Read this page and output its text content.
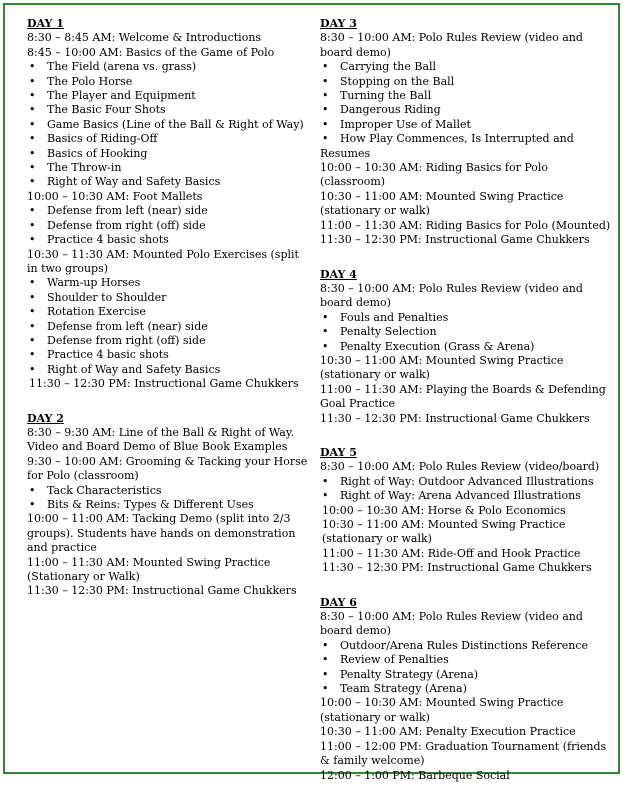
DAY 1
8:30 – 8:45 AM: Welcome & Introductions
8:45 – 10:00 AM: Basics of the Game of Polo
•	The Field (arena vs. grass)
•	The Polo Horse
•	The Player and Equipment
•	The Basic Four Shots
•	Game Basics (Line of the Ball & Right of Way)
•	Basics of Riding-Off
•	Basics of Hooking
•	The Throw-in
•	Right of Way and Safety Basics
10:00 – 10:30 AM: Foot Mallets
•	Defense from left (near) side
•	Defense from right (off) side
•	Practice 4 basic shots
10:30 – 11:30 AM: Mounted Polo Exercises (split in two groups)
•	Warm-up Horses
•	Shoulder to Shoulder
•	Rotation Exercise
•	Defense from left (near) side
•	Defense from right (off) side
•	Practice 4 basic shots
•	Right of Way and Safety Basics
11:30 – 12:30 PM: Instructional Game Chukkers
DAY 2
8:30 – 9:30 AM: Line of the Ball & Right of Way. Video and Board Demo of Blue Book Examples
9:30 – 10:00 AM: Grooming & Tacking your Horse for Polo (classroom)
•	Tack Characteristics
•	Bits & Reins: Types & Different Uses
10:00 – 11:00 AM: Tacking Demo (split into 2/3 groups). Students have hands on demonstration and practice
11:00 – 11:30 AM: Mounted Swing Practice (Stationary or Walk)
11:30 – 12:30 PM: Instructional Game Chukkers
DAY 3
8:30 – 10:00 AM: Polo Rules Review (video and board demo)
•	Carrying the Ball
•	Stopping on the Ball
•	Turning the Ball
•	Dangerous Riding
•	Improper Use of Mallet
•	How Play Commences, Is Interrupted and Resumes
10:00 – 10:30 AM: Riding Basics for Polo (classroom)
10:30 – 11:00 AM: Mounted Swing Practice (stationary or walk)
11:00 – 11:30 AM: Riding Basics for Polo (Mounted)
11:30 – 12:30 PM: Instructional Game Chukkers
DAY 4
8:30 – 10:00 AM: Polo Rules Review (video and board demo)
•	Fouls and Penalties
•	Penalty Selection
•	Penalty Execution (Grass & Arena)
10:30 – 11:00 AM: Mounted Swing Practice (stationary or walk)
11:00 – 11:30 AM: Playing the Boards & Defending Goal Practice
11:30 – 12:30 PM: Instructional Game Chukkers
DAY 5
8:30 – 10:00 AM: Polo Rules Review (video/board)
•	Right of Way: Outdoor Advanced Illustrations
•	Right of Way: Arena Advanced Illustrations
10:00 – 10:30 AM: Horse & Polo Economics
10:30 – 11:00 AM: Mounted Swing Practice (stationary or walk)
11:00 – 11:30 AM: Ride-Off and Hook Practice
11:30 – 12:30 PM: Instructional Game Chukkers
DAY 6
8:30 – 10:00 AM: Polo Rules Review (video and board demo)
•	Outdoor/Arena Rules Distinctions Reference
•	Review of Penalties
•	Penalty Strategy (Arena)
•	Team Strategy (Arena)
10:00 – 10:30 AM: Mounted Swing Practice (stationary or walk)
10:30 – 11:00 AM: Penalty Execution Practice
11:00 – 12:00 PM: Graduation Tournament (friends & family welcome)
12:00 – 1:00 PM: Barbeque Social
